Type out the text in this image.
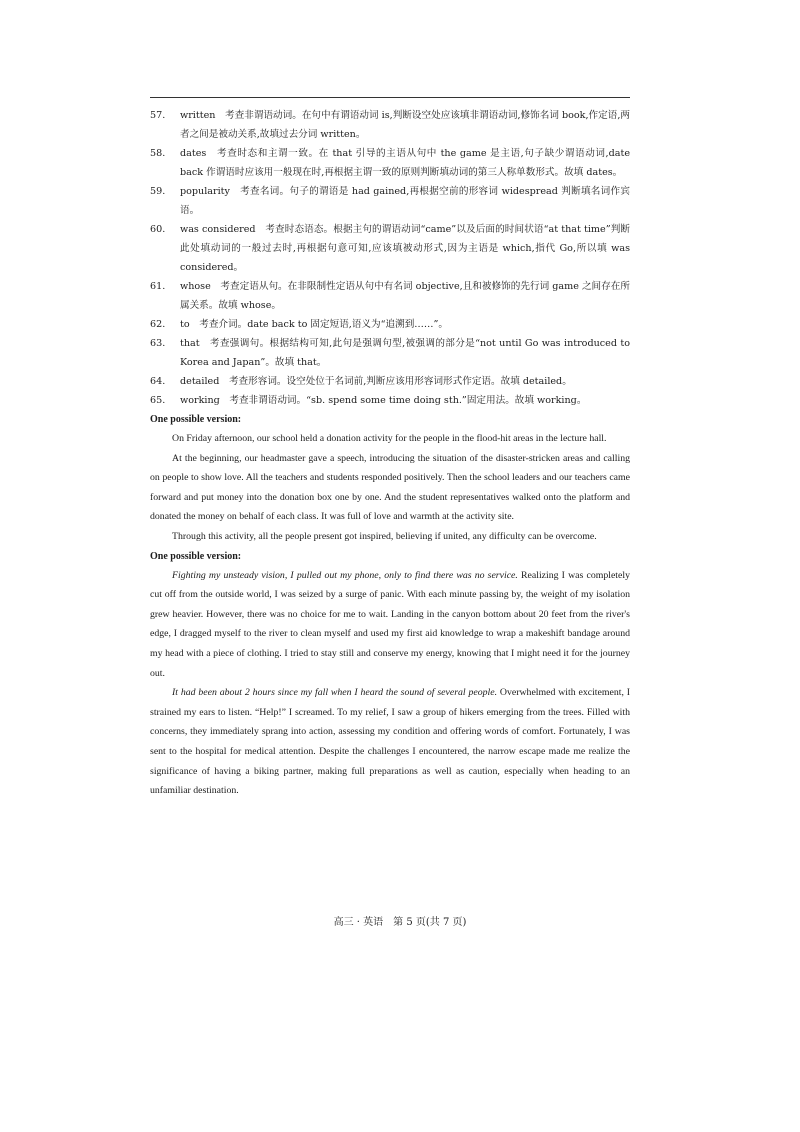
57. written　考查非谓语动词。在句中有谓语动词 is,判断设空处应该填非谓语动词,修饰名词 book,作定语,两者之间是被动关系,故填过去分词 written。

58. dates　考查时态和主谓一致。在 that 引导的主语从句中 the game 是主语,句子缺少谓语动词,date back 作谓语时应该用一般现在时,再根据主谓一致的原则判断填动词的第三人称单数形式。故填 dates。

59. popularity　考查名词。句子的谓语是 had gained,再根据空前的形容词 widespread 判断填名词作宾语。

60. was considered　考查时态语态。根据主句的谓语动词“came”以及后面的时间状语“at that time”判断此处填动词的一般过去时,再根据句意可知,应该填被动形式,因为主语是 which,指代 Go,所以填 was considered。

61. whose　考查定语从句。在非限制性定语从句中有名词 objective,且和被修饰的先行词 game 之间存在所属关系。故填 whose。

62. to　考查介词。date back to 固定短语,语义为“追溯到……”。

63. that　考查强调句。根据结构可知,此句是强调句型,被强调的部分是“not until Go was introduced to Korea and Japan”。故填 that。

64. detailed　考查形容词。设空处位于名词前,判断应该用形容词形式作定语。故填 detailed。

65. working　考查非谓语动词。“sb. spend some time doing sth.”固定用法。故填 working。

One possible version:

On Friday afternoon, our school held a donation activity for the people in the flood-hit areas in the lecture hall.

At the beginning, our headmaster gave a speech, introducing the situation of the disaster-stricken areas and calling on people to show love. All the teachers and students responded positively. Then the school leaders and our teachers came forward and put money into the donation box one by one. And the student representatives walked onto the platform and donated the money on behalf of each class. It was full of love and warmth at the activity site.

Through this activity, all the people present got inspired, believing if united, any difficulty can be overcome.

One possible version:

Fighting my unsteady vision, I pulled out my phone, only to find there was no service. Realizing I was completely cut off from the outside world, I was seized by a surge of panic. With each minute passing by, the weight of my isolation grew heavier. However, there was no choice for me to wait. Landing in the canyon bottom about 20 feet from the river's edge, I dragged myself to the river to clean myself and used my first aid knowledge to wrap a makeshift bandage around my head with a piece of clothing. I tried to stay still and conserve my energy, knowing that I might need it for the journey out.

It had been about 2 hours since my fall when I heard the sound of several people. Overwhelmed with excitement, I strained my ears to listen. “Help!” I screamed. To my relief, I saw a group of hikers emerging from the trees. Filled with concerns, they immediately sprang into action, assessing my condition and offering words of comfort. Fortunately, I was sent to the hospital for medical attention. Despite the challenges I encountered, the narrow escape made me realize the significance of having a biking partner, making full preparations as well as caution, especially when heading to an unfamiliar destination.

高三 · 英语　第 5 页(共 7 页)
